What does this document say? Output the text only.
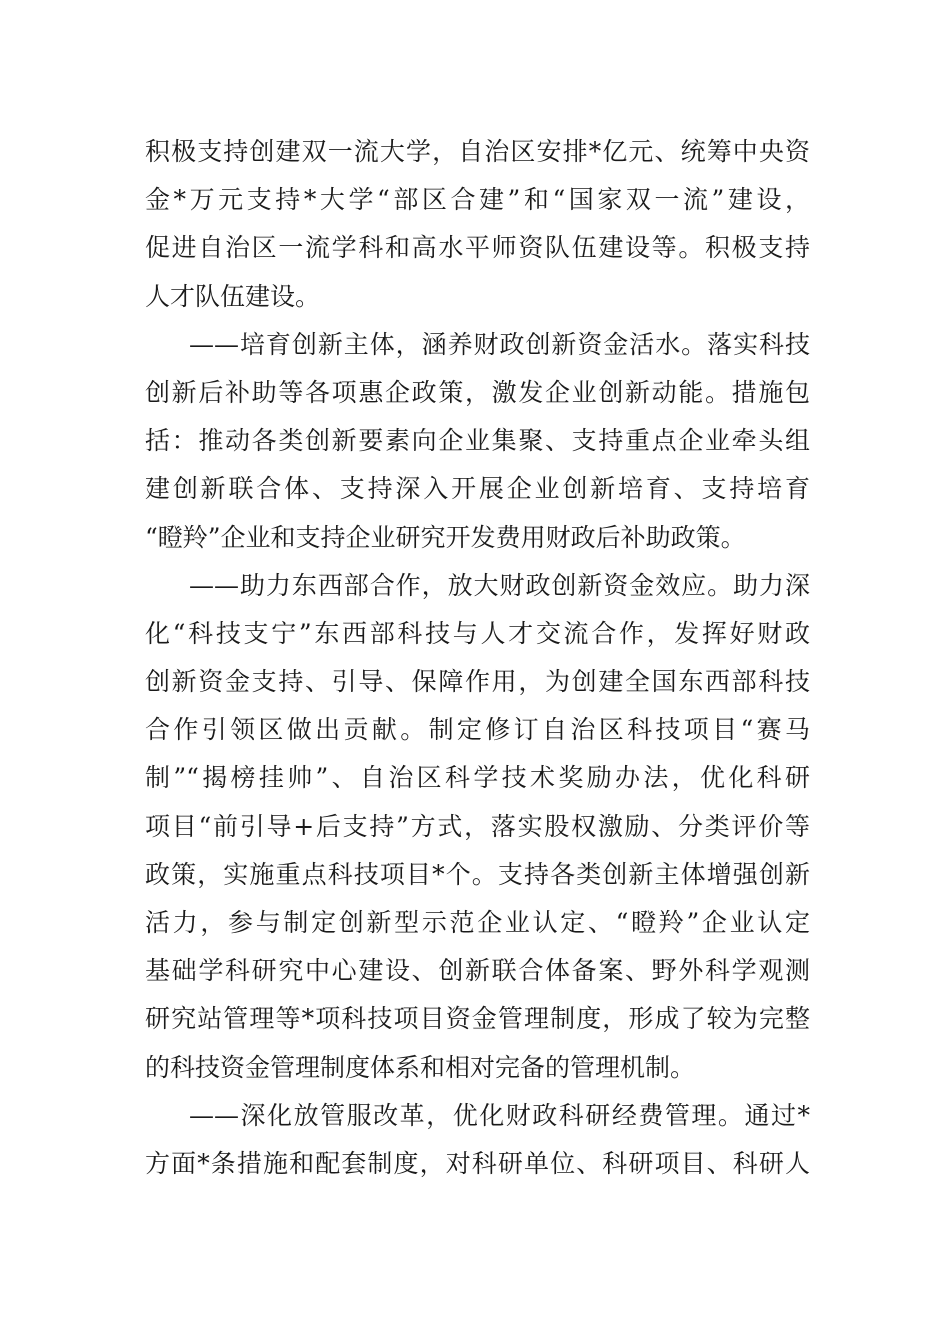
积极支持创建双一流大学，自治区安排*亿元、统筹中央资
金*万元支持*大学“部区合建”和“国家双一流”建设，
促进自治区一流学科和高水平师资队伍建设等。积极支持
人才队伍建设。
——培育创新主体，涵养财政创新资金活水。落实科技
创新后补助等各项惠企政策，激发企业创新动能。措施包
括：推动各类创新要素向企业集聚、支持重点企业牵头组
建创新联合体、支持深入开展企业创新培育、支持培育
“瞪羚”企业和支持企业研究开发费用财政后补助政策。
——助力东西部合作，放大财政创新资金效应。助力深
化“科技支宁”东西部科技与人才交流合作，发挥好财政
创新资金支持、引导、保障作用，为创建全国东西部科技
合作引领区做出贡献。制定修订自治区科技项目“赛马
制”“揭榜挂帅”、自治区科学技术奖励办法，优化科研
项目“前引导+后支持”方式，落实股权激励、分类评价等
政策，实施重点科技项目*个。支持各类创新主体增强创新
活力，参与制定创新型示范企业认定、“瞪羚”企业认定
基础学科研究中心建设、创新联合体备案、野外科学观测
研究站管理等*项科技项目资金管理制度，形成了较为完整
的科技资金管理制度体系和相对完备的管理机制。
——深化放管服改革，优化财政科研经费管理。通过*
方面*条措施和配套制度，对科研单位、科研项目、科研人
